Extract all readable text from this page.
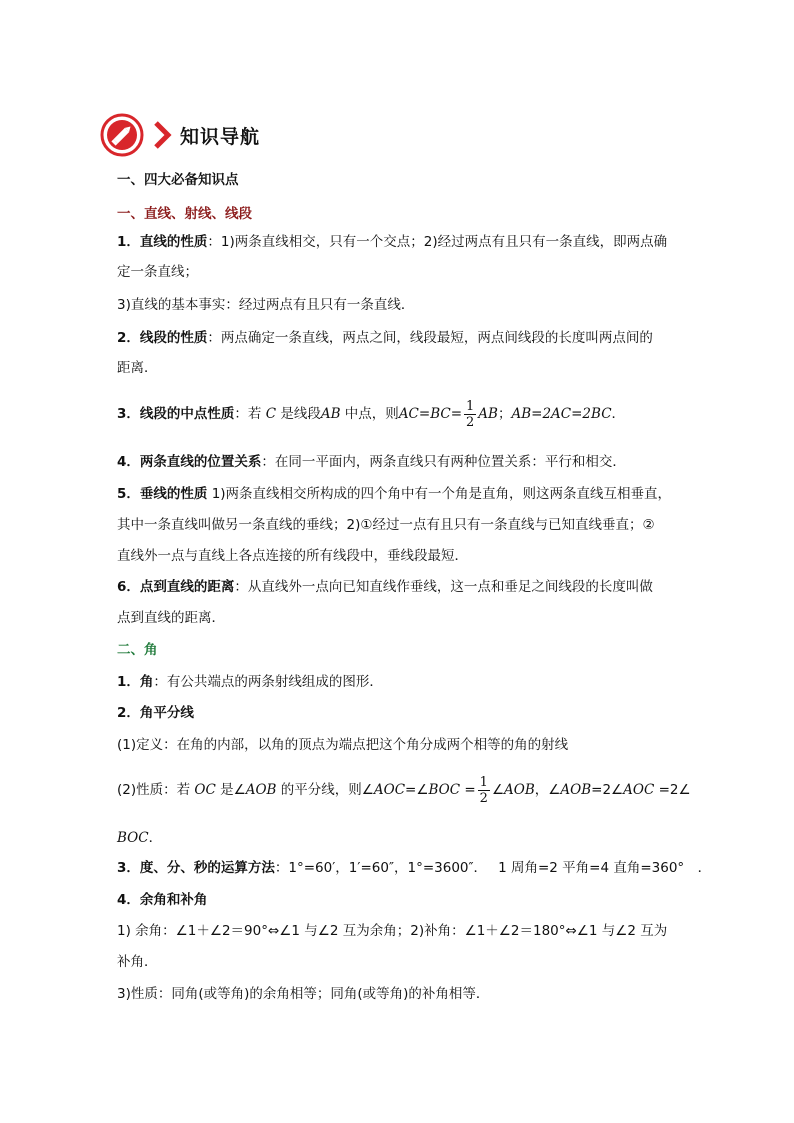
知识导航
一、四大必备知识点
一、直线、射线、线段
1．直线的性质：1)两条直线相交，只有一个交点；2)经过两点有且只有一条直线，即两点确
定一条直线；
3)直线的基本事实：经过两点有且只有一条直线．
2．线段的性质：两点确定一条直线，两点之间，线段最短，两点间线段的长度叫两点间的
距离．
3．线段的中点性质：若 C 是线段AB 中点，则$AC=BC= \frac{1}{2}$ AB；AB=2AC=2BC．
4．两条直线的位置关系：在同一平面内，两条直线只有两种位置关系：平行和相交．
5．垂线的性质 1)两条直线相交所构成的四个角中有一个角是直角，则这两条直线互相垂直，
其中一条直线叫做另一条直线的垂线；2)①经过一点有且只有一条直线与已知直线垂直；②
直线外一点与直线上各点连接的所有线段中，垂线段最短．
6．点到直线的距离：从直线外一点向已知直线作垂线，这一点和垂足之间线段的长度叫做
点到直线的距离．
二、角
1．角：有公共端点的两条射线组成的图形．
2．角平分线
(1)定义：在角的内部，以角的顶点为端点把这个角分成两个相等的角的射线
(2)性质：若 OC 是∠AOB 的平分线，则∠AOC=∠BOC = $\frac{1}{2}$ ∠AOB，∠AOB=2∠AOC =2∠
BOC．
3．度、分、秒的运算方法：1°=60′，1′=60″，1°=3600″．　 1 周角=2 平角=4 直角=360°　．
4．余角和补角
1) 余角：∠1＋∠2＝90°⇔∠1 与∠2 互为余角；2)补角：∠1＋∠2＝180°⇔∠1 与∠2 互为
补角．
3)性质：同角(或等角)的余角相等；同角(或等角)的补角相等．
